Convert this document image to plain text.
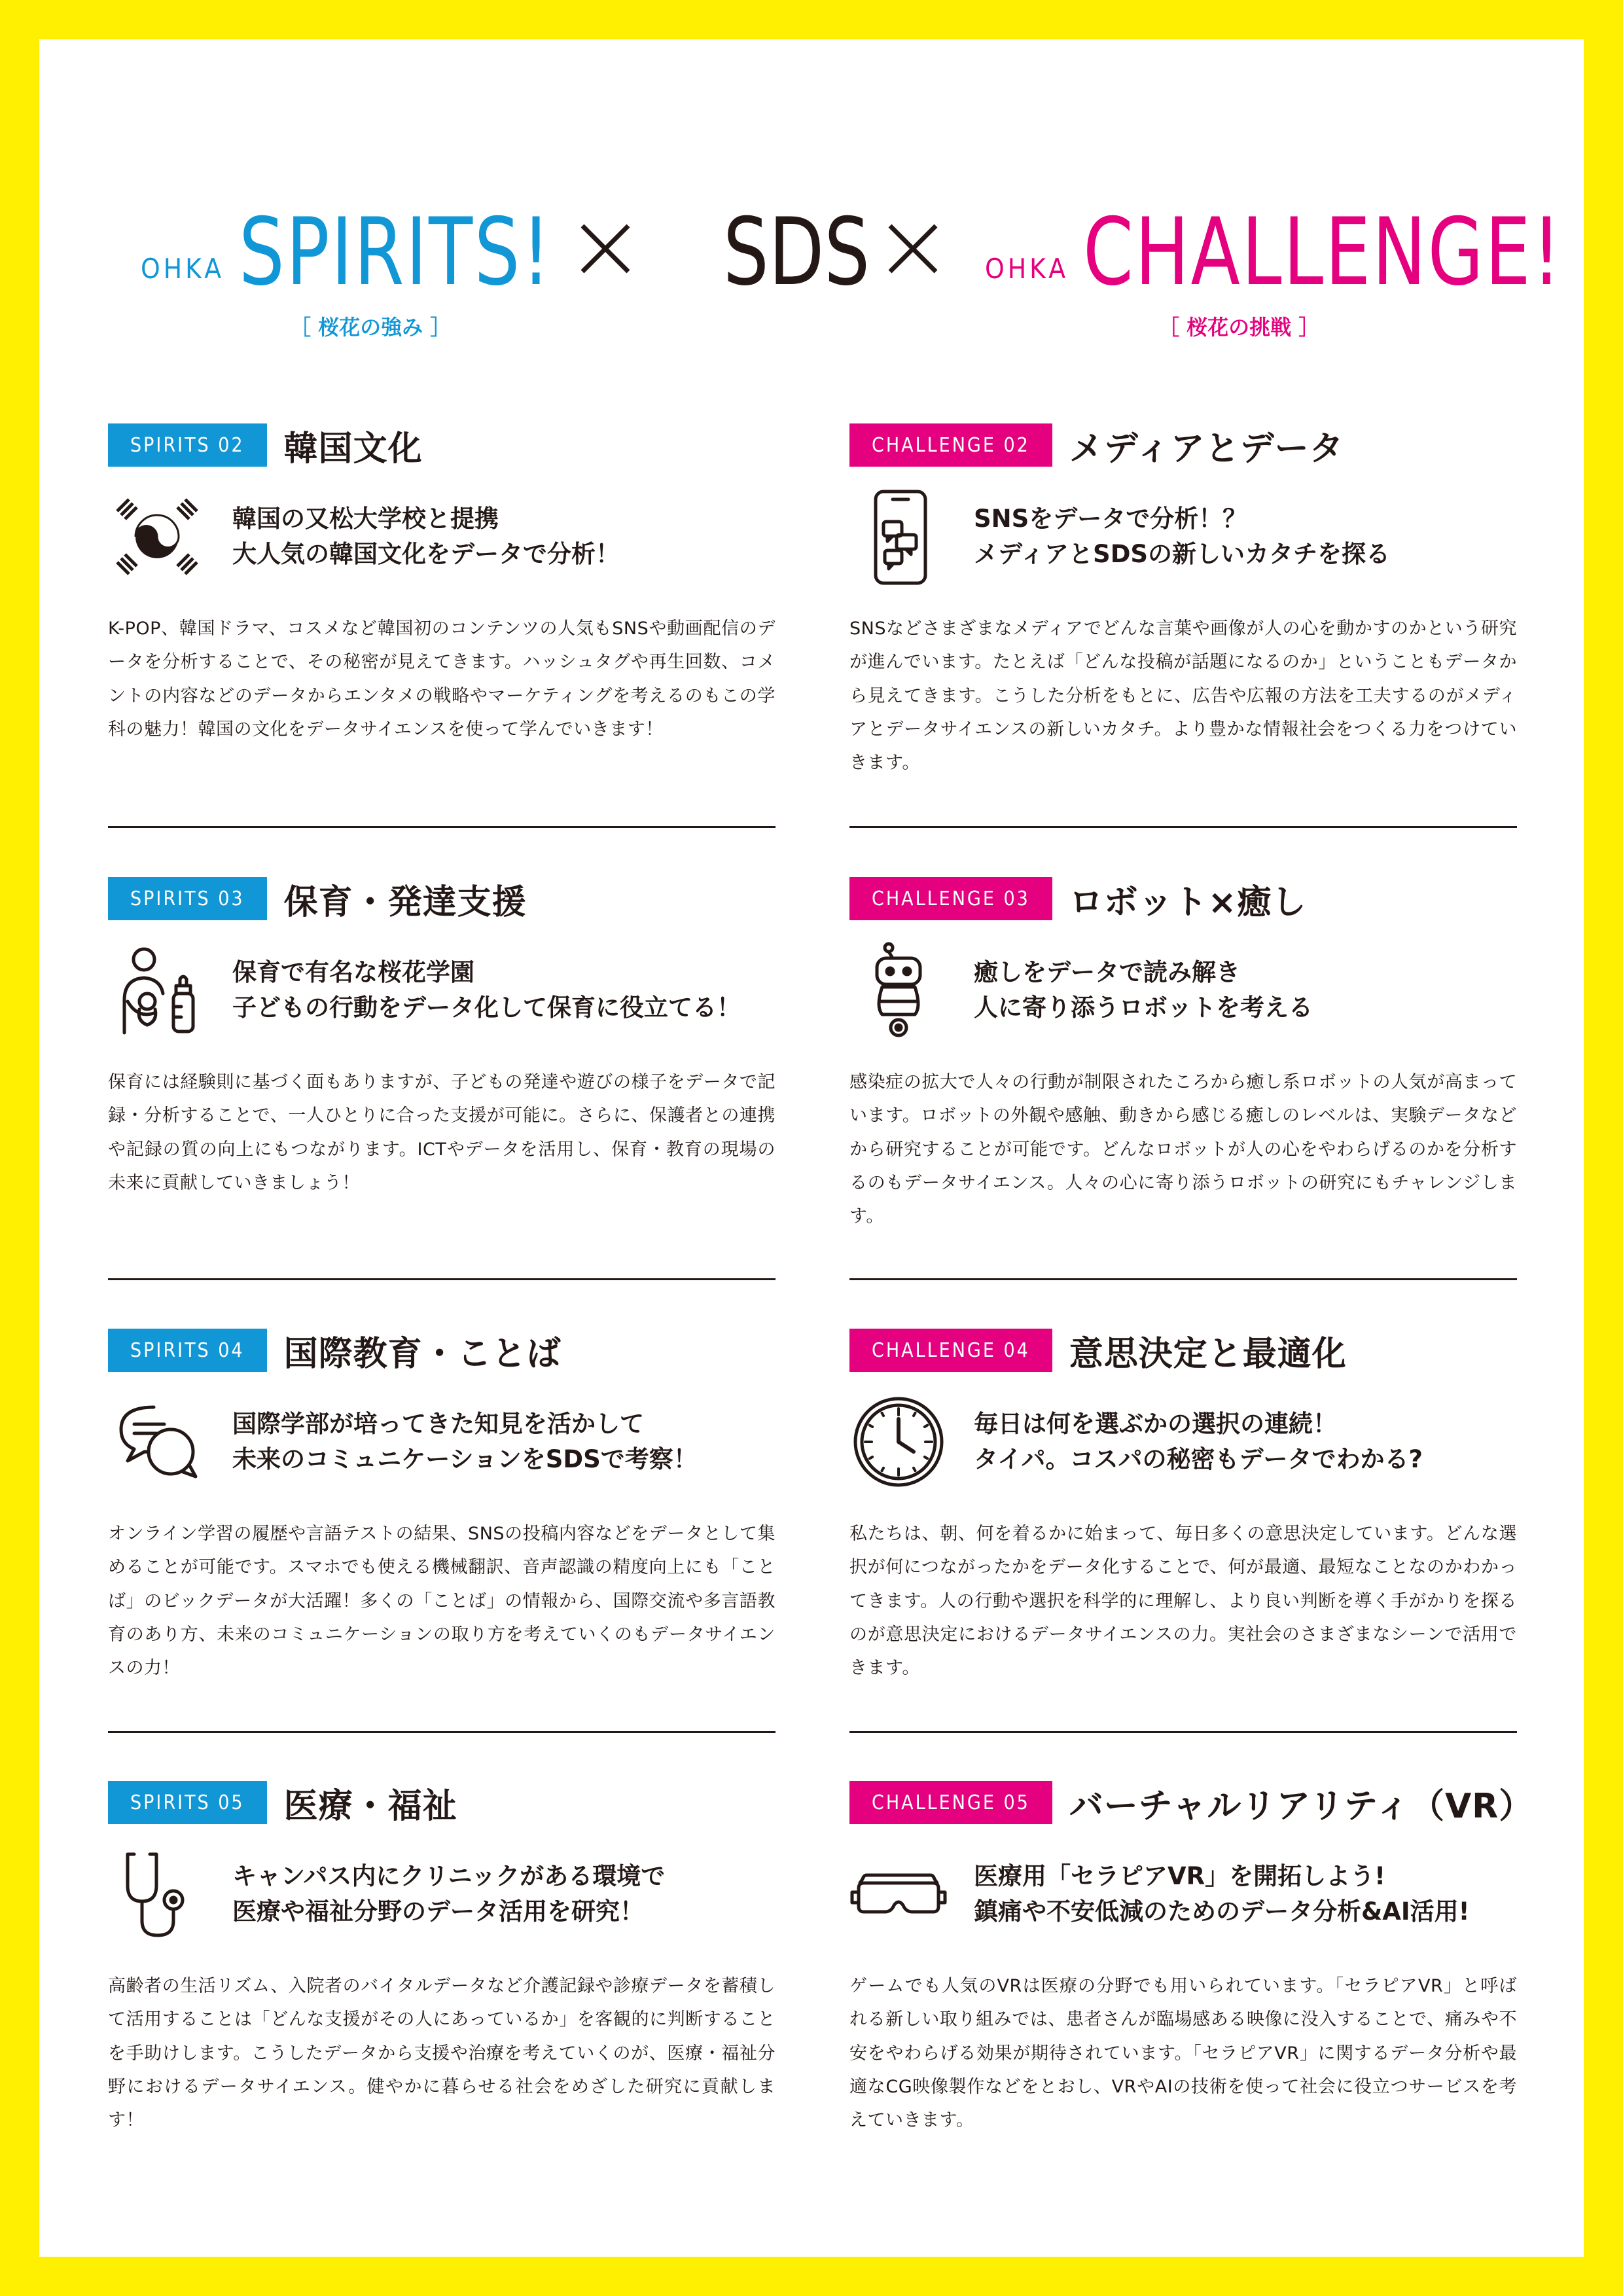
OHKA SPIRITS!
［ 桜花の強み ］
SDS	OHKA CHALLENGE!
［ 桜花の挑戦 ］
SPIRITS 02	韓国文化
韓国の又松大学校と提携
大人気の韓国文化をデータで分析！
K-POP、韓国ドラマ、コスメなど韓国初のコンテンツの人気もSNSや動画配信のデータを分析することで、その秘密が見えてきます。ハッシュタグや再生回数、コメントの内容などのデータからエンタメの戦略やマーケティングを考えるのもこの学科の魅力！韓国の文化をデータサイエンスを使って学んでいきます！
SPIRITS 03	保育・発達支援
保育で有名な桜花学園
子どもの行動をデータ化して保育に役立てる！
保育には経験則に基づく面もありますが、子どもの発達や遊びの様子をデータで記録・分析することで、一人ひとりに合った支援が可能に。さらに、保護者との連携や記録の質の向上にもつながります。ICTやデータを活用し、保育・教育の現場の未来に貢献していきましょう！
SPIRITS 04	国際教育・ことば
国際学部が培ってきた知見を活かして
未来のコミュニケーションをSDSで考察！
オンライン学習の履歴や言語テストの結果、SNSの投稿内容などをデータとして集めることが可能です。スマホでも使える機械翻訳、音声認識の精度向上にも「ことば」のビックデータが大活躍！多くの「ことば」の情報から、国際交流や多言語教育のあり方、未来のコミュニケーションの取り方を考えていくのもデータサイエンスの力！
SPIRITS 05	医療・福祉
キャンパス内にクリニックがある環境で
医療や福祉分野のデータ活用を研究！
高齢者の生活リズム、入院者のバイタルデータなど介護記録や診療データを蓄積して活用することは「どんな支援がその人にあっているか」を客観的に判断することを手助けします。こうしたデータから支援や治療を考えていくのが、医療・福祉分野におけるデータサイエンス。健やかに暮らせる社会をめざした研究に貢献します！
CHALLENGE 02	メディアとデータ
SNSをデータで分析！？
メディアとSDSの新しいカタチを探る
SNSなどさまざまなメディアでどんな言葉や画像が人の心を動かすのかという研究が進んでいます。たとえば「どんな投稿が話題になるのか」ということもデータから見えてきます。こうした分析をもとに、広告や広報の方法を工夫するのがメディアとデータサイエンスの新しいカタチ。より豊かな情報社会をつくる力をつけていきます。
CHALLENGE 03	ロボット×癒し
癒しをデータで読み解き
人に寄り添うロボットを考える
感染症の拡大で人々の行動が制限されたころから癒し系ロボットの人気が高まっています。ロボットの外観や感触、動きから感じる癒しのレベルは、実験データなどから研究することが可能です。どんなロボットが人の心をやわらげるのかを分析するのもデータサイエンス。人々の心に寄り添うロボットの研究にもチャレンジします。
CHALLENGE 04	意思決定と最適化
毎日は何を選ぶかの選択の連続！
タイパ。コスパの秘密もデータでわかる?
私たちは、朝、何を着るかに始まって、毎日多くの意思決定しています。どんな選択が何につながったかをデータ化することで、何が最適、最短なことなのかわかってきます。人の行動や選択を科学的に理解し、より良い判断を導く手がかりを探るのが意思決定におけるデータサイエンスの力。実社会のさまざまなシーンで活用できます。
CHALLENGE 05	バーチャルリアリティ（VR）
医療用「セラピアVR」を開拓しよう!
鎮痛や不安低減のためのデータ分析&AI活用!
ゲームでも人気のVRは医療の分野でも用いられています。「セラピアVR」と呼ばれる新しい取り組みでは、患者さんが臨場感ある映像に没入することで、痛みや不安をやわらげる効果が期待されています。「セラピアVR」に関するデータ分析や最適なCG映像製作などをとおし、VRやAIの技術を使って社会に役立つサービスを考えていきます。
